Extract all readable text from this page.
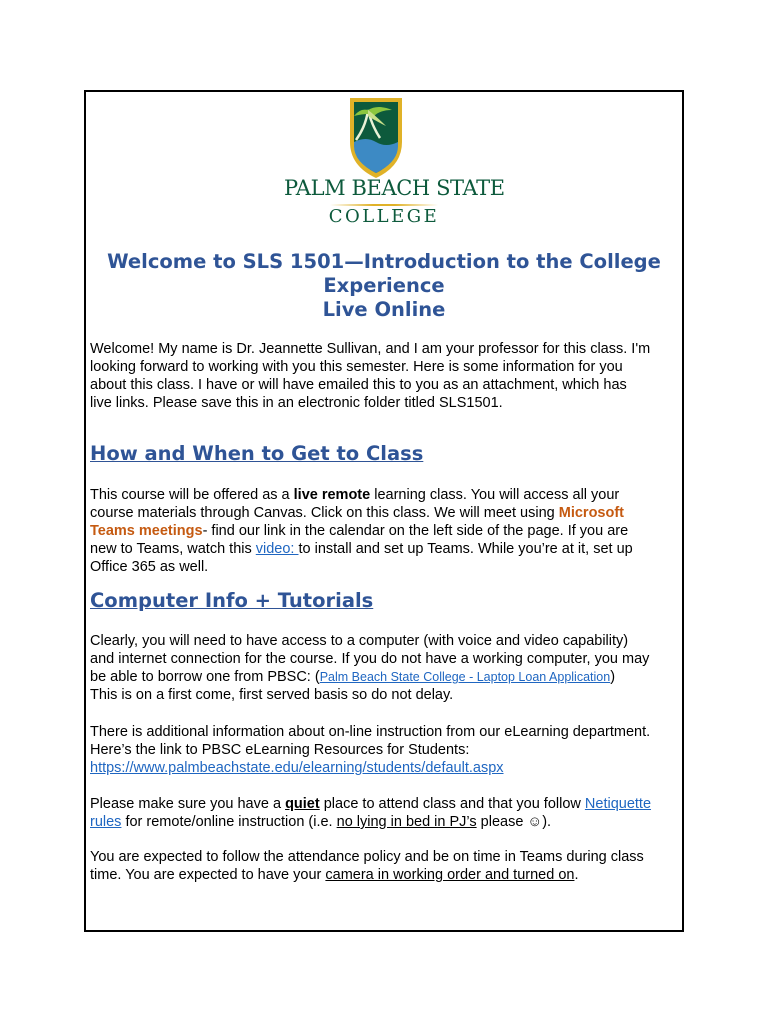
PALM BEACH STATE
COLLEGE
Welcome to SLS 1501—Introduction to the College
Experience
Live Online
Welcome! My name is Dr. Jeannette Sullivan, and I am your professor for this class. I'm
looking forward to working with you this semester. Here is some information for you
about this class. I have or will have emailed this to you as an attachment, which has
live links. Please save this in an electronic folder titled SLS1501.
How and When to Get to Class
This course will be offered as a live remote learning class. You will access all your
course materials through Canvas. Click on this class. We will meet using Microsoft
Teams meetings- find our link in the calendar on the left side of the page. If you are
new to Teams, watch this video: to install and set up Teams. While you’re at it, set up
Office 365 as well.
Computer Info + Tutorials
Clearly, you will need to have access to a computer (with voice and video capability)
and internet connection for the course. If you do not have a working computer, you may
be able to borrow one from PBSC: (Palm Beach State College - Laptop Loan Application)
This is on a first come, first served basis so do not delay.
There is additional information about on-line instruction from our eLearning department.
Here’s the link to PBSC eLearning Resources for Students:
https://www.palmbeachstate.edu/elearning/students/default.aspx
Please make sure you have a quiet place to attend class and that you follow Netiquette
rules for remote/online instruction (i.e. no lying in bed in PJ’s please ☺).
You are expected to follow the attendance policy and be on time in Teams during class
time. You are expected to have your camera in working order and turned on.
